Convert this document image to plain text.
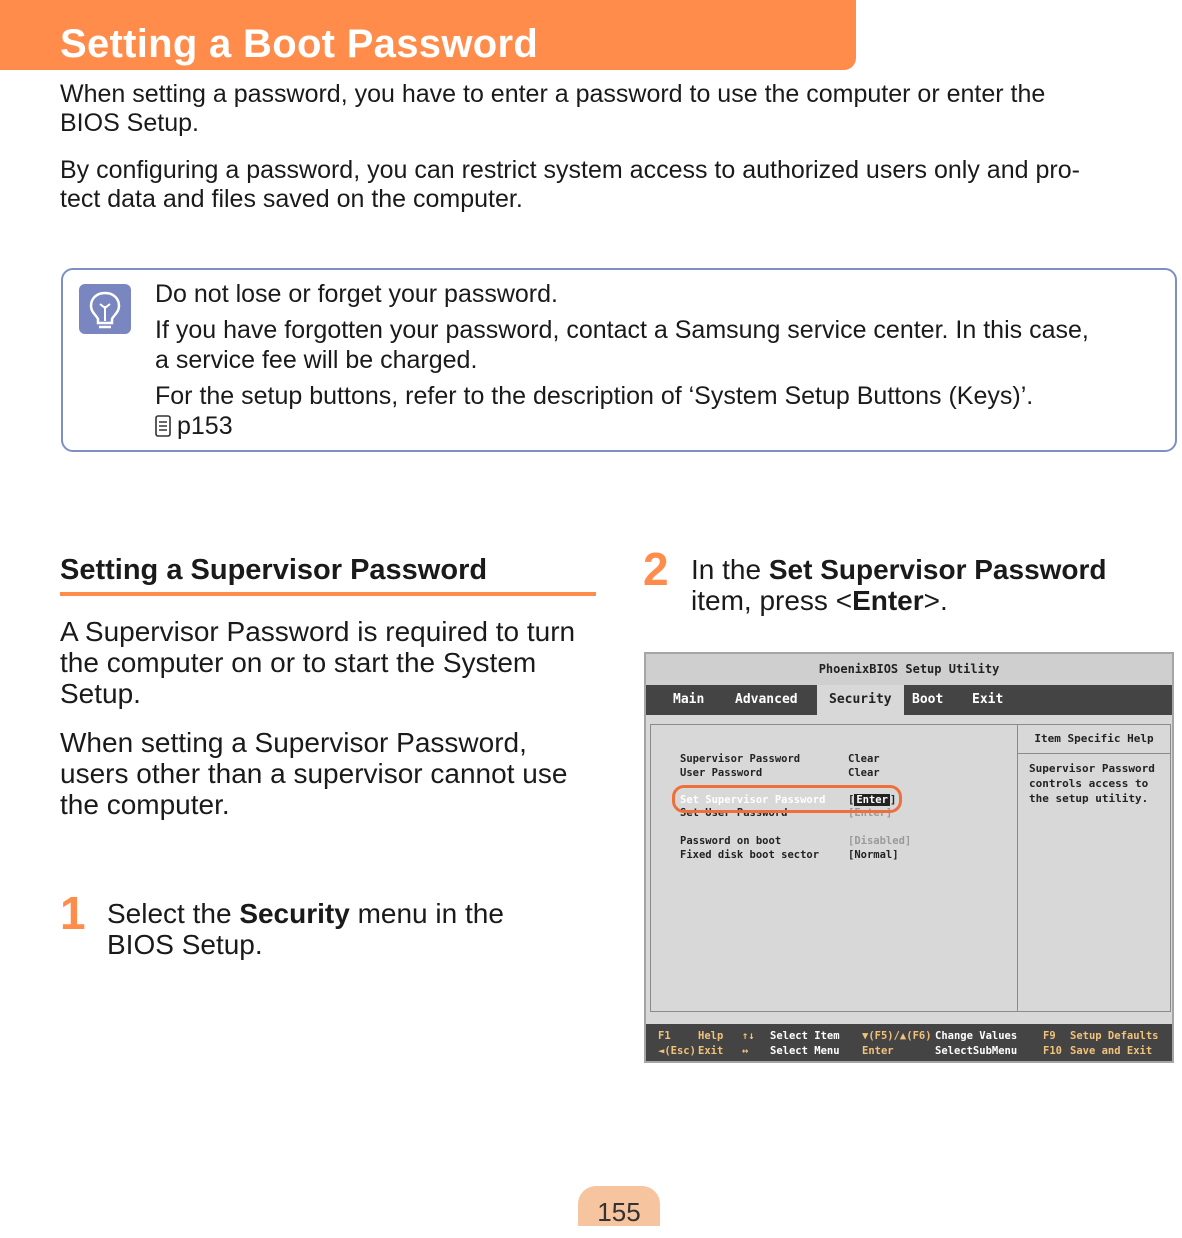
Setting a Boot Password

When setting a password, you have to enter a password to use the computer or enter the
BIOS Setup.

By configuring a password, you can restrict system access to authorized users only and pro-
tect data and files saved on the computer.

Do not lose or forget your password.

If you have forgotten your password, contact a Samsung service center. In this case,

a service fee will be charged.

For the setup buttons, refer to the description of ‘System Setup Buttons (Keys)’.

p153

Setting a Supervisor Password

A Supervisor Password is required to turn
the computer on or to start the System
Setup.

When setting a Supervisor Password,
users other than a supervisor cannot use
the computer.

1 Select the Security menu in the
BIOS Setup.

2 In the Set Supervisor Password
item, press <Enter>.

PhoenixBIOS Setup Utility
Main Advanced	Security	Boot Exit
Item Specific Help

Supervisor Password controls access to the setup utility.

Supervisor Password	Clear
User Password	Clear
Set Supervisor Password [ Enter ]
Set User Password	[Enter]
Password on boot	[Disabled]
Fixed disk boot sector	[Normal]
F1	Help
◄(Esc) Exit
↑↓ Select Item
↔ Select Menu
▼(F5)/▲(F6) Change Values
Enter	SelectSubMenu
F9 Setup Defaults
F10 Save and Exit
155
